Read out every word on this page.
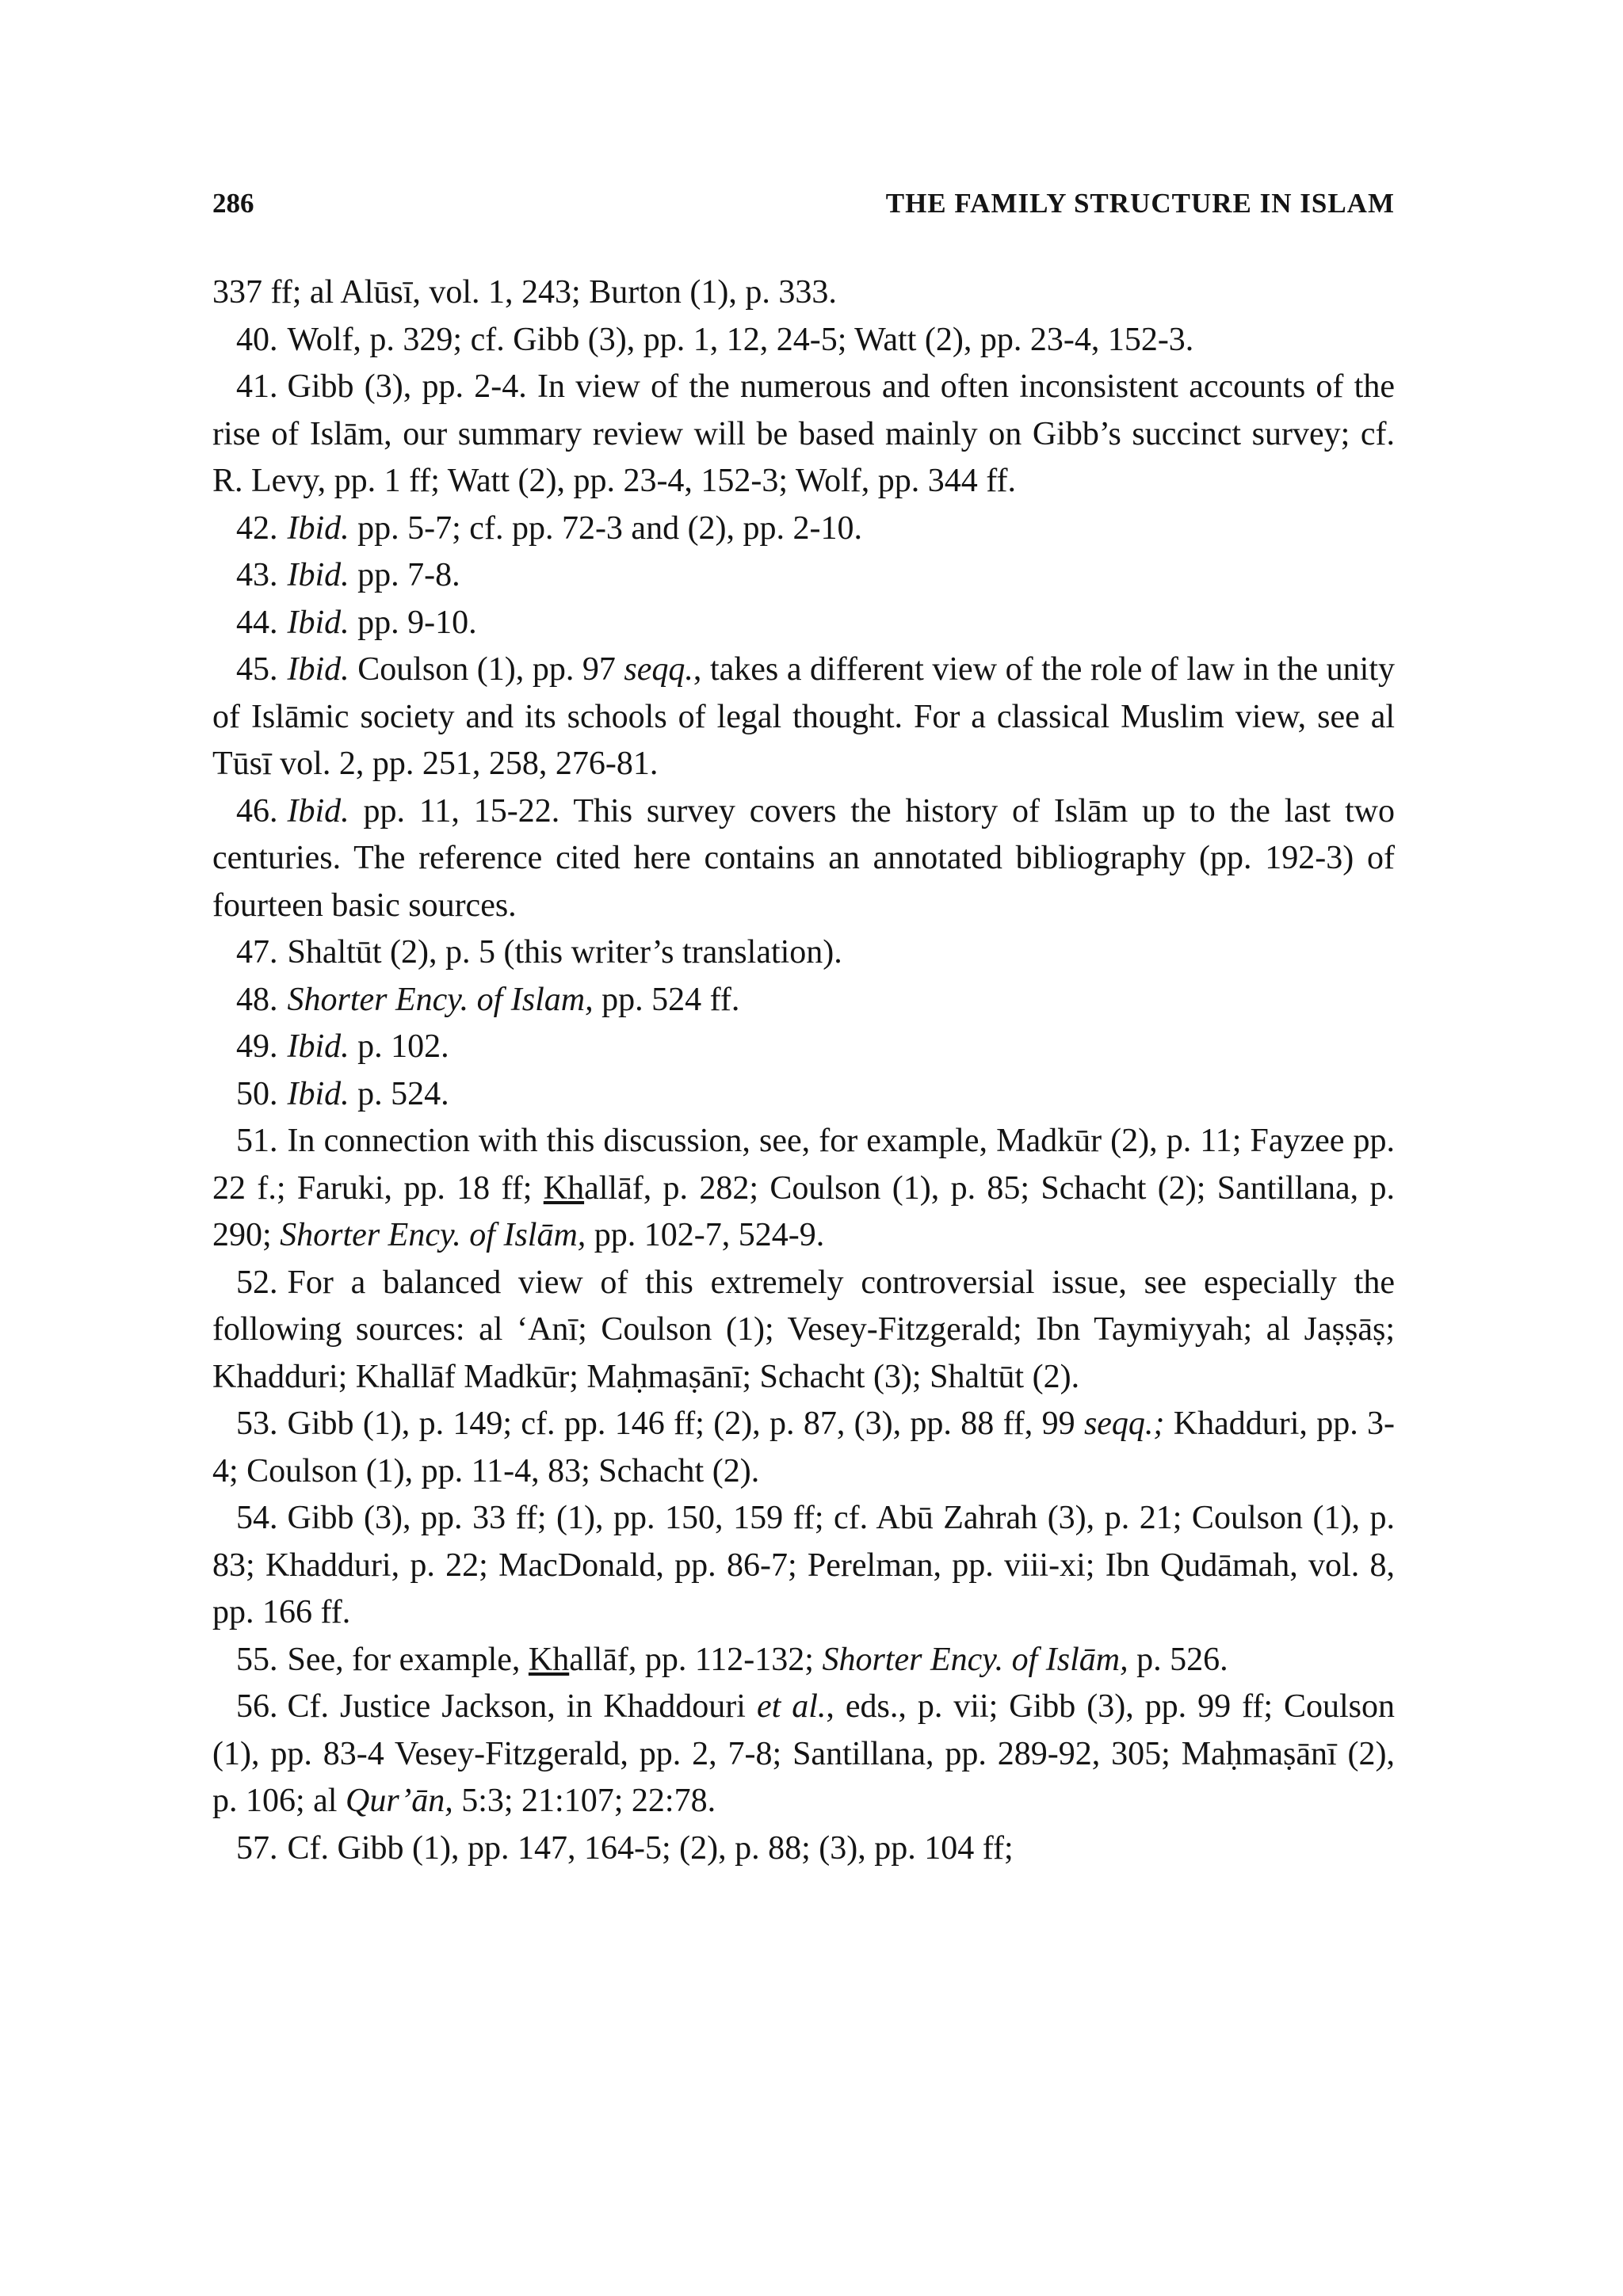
286	THE FAMILY STRUCTURE IN ISLAM

337 ff; al Alūsī, vol. 1, 243; Burton (1), p. 333.

40. Wolf, p. 329; cf. Gibb (3), pp. 1, 12, 24-5; Watt (2), pp. 23-4, 152-3.

41. Gibb (3), pp. 2-4. In view of the numerous and often inconsistent accounts of the rise of Islām, our summary review will be based mainly on Gibb’s succinct survey; cf. R. Levy, pp. 1 ff; Watt (2), pp. 23-4, 152-3; Wolf, pp. 344 ff.

42. Ibid. pp. 5-7; cf. pp. 72-3 and (2), pp. 2-10.

43. Ibid. pp. 7-8.

44. Ibid. pp. 9-10.

45. Ibid. Coulson (1), pp. 97 seqq., takes a different view of the role of law in the unity of Islāmic society and its schools of legal thought. For a classical Muslim view, see al Tūsī vol. 2, pp. 251, 258, 276-81.

46. Ibid. pp. 11, 15-22. This survey covers the history of Islām up to the last two centuries. The reference cited here contains an annotated bibliography (pp. 192-3) of fourteen basic sources.

47. Shaltūt (2), p. 5 (this writer’s translation).

48. Shorter Ency. of Islam, pp. 524 ff.

49. Ibid. p. 102.

50. Ibid. p. 524.

51. In connection with this discussion, see, for example, Madkūr (2), p. 11; Fayzee pp. 22 f.; Faruki, pp. 18 ff; Khallāf, p. 282; Coulson (1), p. 85; Schacht (2); Santillana, p. 290; Shorter Ency. of Islām, pp. 102-7, 524-9.

52. For a balanced view of this extremely controversial issue, see especially the following sources: al ‘Anī; Coulson (1); Vesey-Fitzgerald; Ibn Taymiyyah; al Jaṣṣāṣ; Khadduri; Khallāf Madkūr; Maḥmaṣānī; Schacht (3); Shaltūt (2).

53. Gibb (1), p. 149; cf. pp. 146 ff; (2), p. 87, (3), pp. 88 ff, 99 seqq.; Khadduri, pp. 3-4; Coulson (1), pp. 11-4, 83; Schacht (2).

54. Gibb (3), pp. 33 ff; (1), pp. 150, 159 ff; cf. Abū Zahrah (3), p. 21; Coulson (1), p. 83; Khadduri, p. 22; MacDonald, pp. 86-7; Perelman, pp. viii-xi; Ibn Qudāmah, vol. 8, pp. 166 ff.

55. See, for example, Khallāf, pp. 112-132; Shorter Ency. of Islām, p. 526.

56. Cf. Justice Jackson, in Khaddouri et al., eds., p. vii; Gibb (3), pp. 99 ff; Coulson (1), pp. 83-4 Vesey-Fitzgerald, pp. 2, 7-8; Santillana, pp. 289-92, 305; Maḥmaṣānī (2), p. 106; al Qur’ān, 5:3; 21:107; 22:78.

57. Cf. Gibb (1), pp. 147, 164-5; (2), p. 88; (3), pp. 104 ff;
